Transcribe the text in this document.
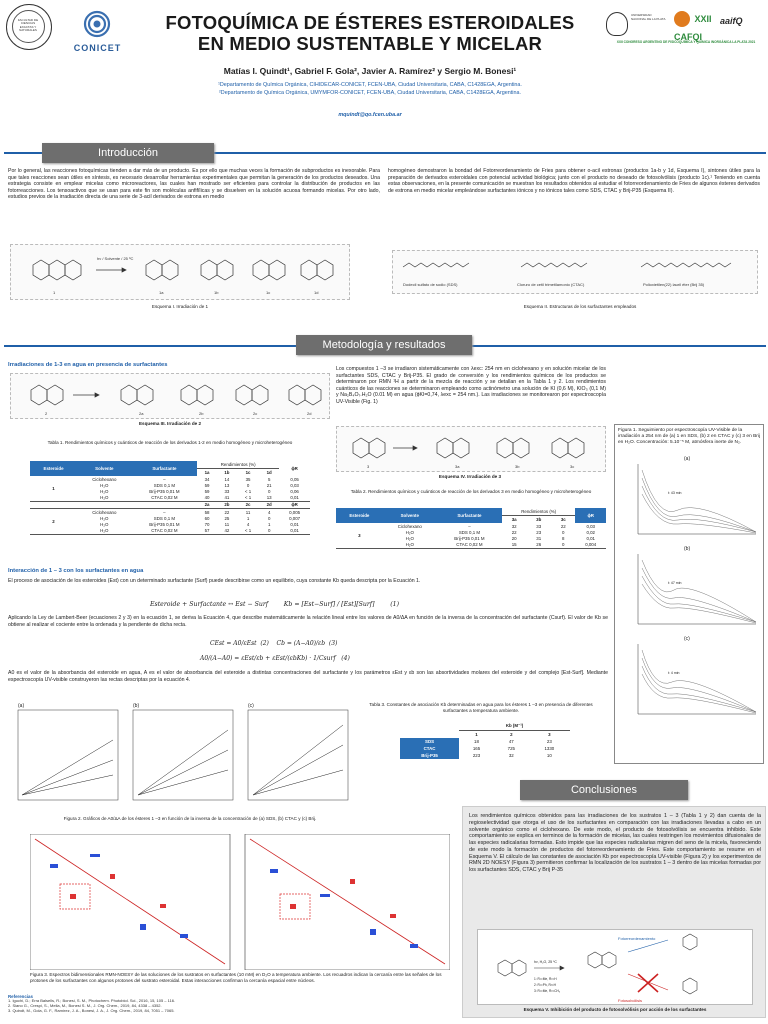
FACULTAD DE CIENCIAS EXACTAS Y NATURALES
CONICET
FOTOQUÍMICA DE ÉSTERES ESTEROIDALES
EN MEDIO SUSTENTABLE Y MICELAR
Matías I. Quindt¹, Gabriel F. Gola², Javier A. Ramírez² y Sergio M. Bonesi¹
¹Departamento de Química Orgánica, CIHIDECAR-CONICET, FCEN-UBA, Ciudad Universitaria, CABA, C1428EGA, Argentina.
²Departamento de Química Orgánica, UMYMFOR-CONICET, FCEN-UBA, Ciudad Universitaria, CABA, C1428EGA, Argentina.
mquindt@qo.fcen.uba.ar
UNIVERSIDAD NACIONAL DE LA PLATA	XXII CAFQI
aaifQ
XXII CONGRESO ARGENTINO DE FISICOQUÍMICA Y QUÍMICA INORGÁNICA LA PLATA 2021
Introducción
Por lo general, las reacciones fotoquímicas tienden a dar más de un producto. Es por ello que muchas veces la formación de subproductos es inexorable. Para que tales reacciones sean útiles en síntesis, es necesario desarrollar herramientas experimentales que permitan la generación de los productos deseados. Una estrategia consiste en emplear micelas como microreactores, las cuales han mostrado ser eficientes para controlar la distribución de productos en las fotorreacciones. Los tensoactivos que se usan para este fin son moléculas anfifílicas y se disuelven en la solución acuosa formando micelas. Por otro lado, estudios previos de la irradiación directa de una serie de 3-acil derivados de estrona en medio
homogéneo demostraron la bondad del Fotorreordenamiento de Fries para obtener o-acil estronas (productos 1a-b y 1d, Esquema I), sintones útiles para la preparación de derivados esteroidales con potencial actividad biológica; junto con el producto no deseado de fotosolvólisis (producto 1c).¹ Teniendo en cuenta estas observaciones, en la presente comunicación se muestran los resultados obtenidos al estudiar el fotorreordenamiento de Fries de algunos ésteres derivados de estrona en medio micelar empleándose surfactantes iónicos y no iónicos tales como SDS, CTAC y Brij-P35 (Esquema II).
hν / Solvente / 25 ºC
1	1a	1b	1c	1d
Esquema I. Irradiación de 1
Dodecil sulfato de sodio (SDS)	Cloruro de cetil trimetilamonio (CTAC)	Polioxietilen(22) lauril éter (Brij 35)
Esquema II. Estructuras de los surfactantes empleados
Metodología y resultados
Irradiaciones de 1-3 en agua en presencia de surfactantes
2	2a	2b	2c	2d
Esquema III. Irradiación de 2
Tabla 1. Rendimientos químicos y cuánticos de reacción de los derivados 1-2 en medio homogéneo y microheterogéneo
Esteroide	Solvente	Surfactante	Rendimientos (%)				ϕR
			1a	1b	1c	1d	
1	Ciclohexano	–	34	14	35	5	0,05
	H₂O	SDS 0,1 M	59	13	0	21	0,03
	H₂O	Brij-P35 0,01 M	59	33	< 1	0	0,06
	H₂O	CTAC 0,02 M	40	41	< 1	13	0,01
			2a	2b	2c	2d	ϕR
2	Ciclohexano	–	58	22	11	4	0,005
	H₂O	SDS 0,1 M	60	25	1	0	0,007
	H₂O	Brij-P35 0,01 M	70	11	4	1	0,01
	H₂O	CTAC 0,02 M	57	42	< 1	0	0,01
Los compuestos 1 –3 se irradiaron sistemáticamente con λexc: 254 nm en ciclohexano y en solución micelar de los surfactantes SDS, CTAC y Brij-P35. El grado de conversión y los rendimientos químicos de los productos se determinaron por RMN ¹H a partir de la mezcla de reacción y se detallan en la Tabla 1 y 2. Los rendimientos cuánticos de las reacciones se determinaron empleando como actinómetro una solución de KI (0,6 M), KIO₃ (0,1 M) y Na₂B₄O₇.H₂O (0.01 M) en agua (ϕKI=0,74, λexc = 254 nm.). Las irradiaciones se monitorearon por espectroscopía UV-Visible (Fig. 1)
3	3a	3b	3c
Esquema IV. Irradiación de 3
Tabla 2. Rendimientos químicos y cuánticos de reacción de los derivados 3 en medio homogéneo y microheterogéneo
Esteroide	Solvente	Surfactante	Rendimientos (%)			ϕR
			3a	3b	3c	
3	Ciclohexano	–	32	33	22	0,03
	H₂O	SDS 0,1 M	22	23	0	0,02
	H₂O	Brij-P35 0,01 M	20	31	8	0,01
	H₂O	CTAC 0,02 M	15	26	0	0,004
Figura 1. Seguimiento por espectroscopía UV-Visible de la irradiación a 254 nm de (a) 1 en SDS, (b) 2 en CTAC y (c) 3 en Brij en H₂O. Concentración: 5.10⁻⁵ M, atmósfera inerte de N₂.
(a)
(b)
(c)
t: 43 min
t: 47 min
t: 4 min
Interacción de 1 – 3 con los surfactantes en agua
El proceso de asociación de los esteroides (Est) con un determinado surfactante (Surf) puede describirse como un equilibrio, cuya constante Kb queda descripta por la Ecuación 1.
Esteroide + Surfactante ↔ Est − Surf        Kb = [Est−Surf] / [Est][Surf]        (1)
Aplicando la Ley de Lambert-Beer (ecuaciones 2 y 3) en la ecuación 1, se deriva la Ecuación 4, que describe matemáticamente la relación lineal entre los valores de A0/ΔA en función de la inversa de la concentración del surfactante (Csurf). El valor de Kb se obtiene al realizar el cociente entre la ordenada y la pendiente de dicha recta.
CEst = A0/εEst  (2)    Cb = (A−A0)/εb  (3)
A0/(A−A0) = εEst/εb + εEst/(εbKb) · 1/Csurf   (4)
A0 es el valor de la absorbancia del esteroide en agua, A es el valor de absorbancia del esteroide a distintas concentraciones del surfactante y los parámetros εEst y εb son las absortividades molares del esteroide y del complejo [Est-Surf]. Mediante espectroscopía UV-visible construyeron las rectas descriptas por la ecuación 4.
(a)	(b)	(c)
Figura 2. Gráficos de A0/ΔA de los ésteres 1 –3 en función de la inversa de la concentración de (a) SDS, (b) CTAC y (c) Brij.
Tabla 3. Constantes de asociación Kb determinadas en agua para los ésteres 1 –3 en presencia de diferentes surfactantes a temperatura ambiente.
	Kb (M⁻¹)		
	1	2	3
SDS	18	47	23
CTAC	165	725	1330
Brij-P35	223	32	10
Figura 3. Espectros bidimensionales RMN-NOESY de las soluciones de los sustratos en surfactantes (10 mM) en D₂O a temperatura ambiente. Los recuadros indican la cercanía entre las señales de los protones de los surfactantes con algunos protones del sustrato esteroidal. Estas interacciones confirman la cercanía espacial entre núcleos.
Referencias
1. Iguchi, D.; Erra Balsells, R.; Bonesi, S. M., Photochem. Photobiol. Sci., 2016, 15, 105 – 116.
2. Siano G., Crespi, S., Mella, M., Bonesi S. M., J. Org. Chem., 2019, 84, 4338 – 4352.
3. Quindt, M., Gola, G. F., Ramírez, J. A., Bonesi, J. A., J. Org. Chem., 2019, 84, 7051 – 7065.
Conclusiones
Los rendimientos químicos obtenidos para las irradiaciones de los sustratos 1 – 3 (Tabla 1 y 2) dan cuenta de la regioselectividad que otorga el uso de los surfactantes en comparación con las irradiaciones llevadas a cabo en un solvente orgánico como el ciclohexano. De este modo, el producto de fotosolvólisis se encuentra inhibido. Este comportamiento se explica en terminos de la formación de micelas, las cuales restringen los movimientos difusionales de las especies radicalarias formadas. Esto impide que las especies radicalarias migren del seno de la micela, favoreciendo de este modo la formación de productos del fotorreordenamiento de Fries. Este comportamiento se resume en el Esquema V. El cálculo de las constantes de asociación Kb por espectroscopía UV-visible (Figura 2) y los experimentos de RMN 2D NOESY (Figura 3) permitieron confirmar la localización de los sustratos 1 – 3 dentro de las micelas formadas por los surfactantes SDS, CTAC y Brij P-35
Fotorreordenamiento
Fotosolvólisis
hν, H₂O, 25 ºC
1: R¹=Me, R²=H
2: R¹=Ph, R²=H
3: R¹=Me, R²=CH₃
Esquema V. Inhibición del producto de fotosolvólisis por acción de los surfactantes
